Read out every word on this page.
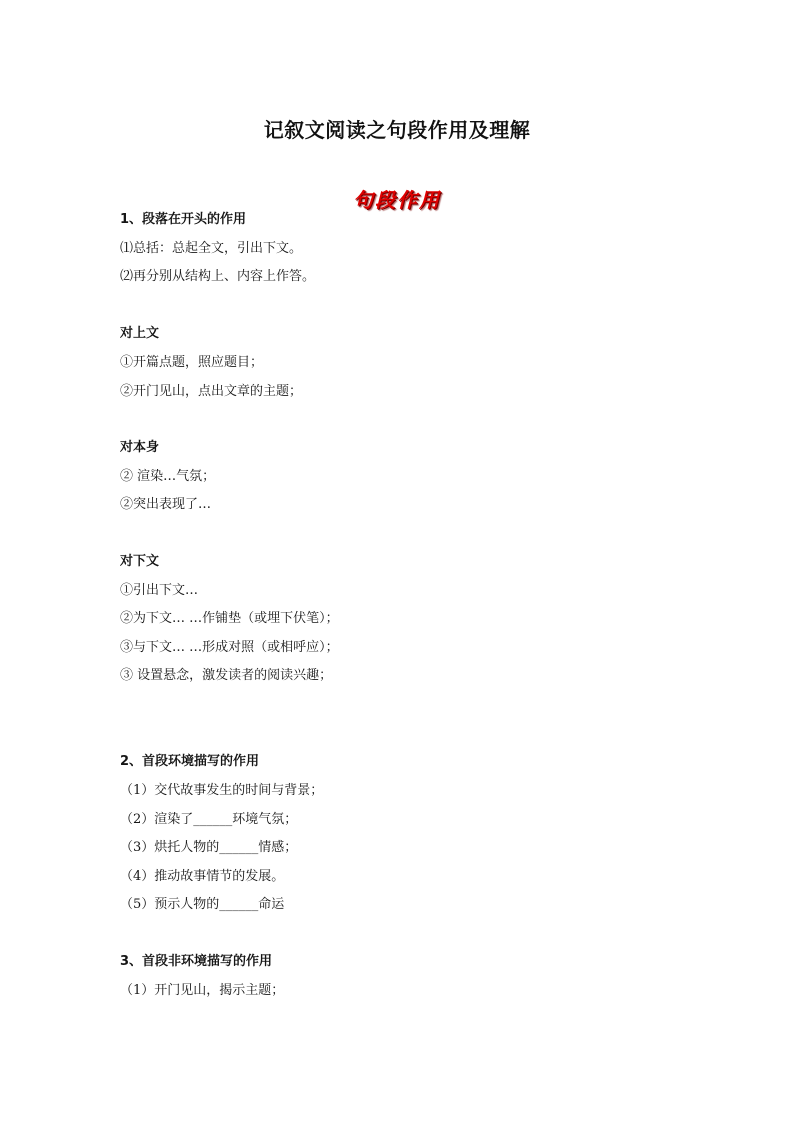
记叙文阅读之句段作用及理解
句段作用
1、段落在开头的作用
⑴总括：总起全文，引出下文。
⑵再分别从结构上、内容上作答。
对上文
①开篇点题，照应题目；
②开门见山，点出文章的主题；
对本身
② 渲染…气氛；
②突出表现了…
对下文
①引出下文…
②为下文… …作铺垫（或埋下伏笔）；
③与下文… …形成对照（或相呼应）；
③ 设置悬念，激发读者的阅读兴趣；
2、首段环境描写的作用
（1）交代故事发生的时间与背景；
（2）渲染了______环境气氛；
（3）烘托人物的______情感；
（4）推动故事情节的发展。
（5）预示人物的______命运
3、首段非环境描写的作用
（1）开门见山，揭示主题；
